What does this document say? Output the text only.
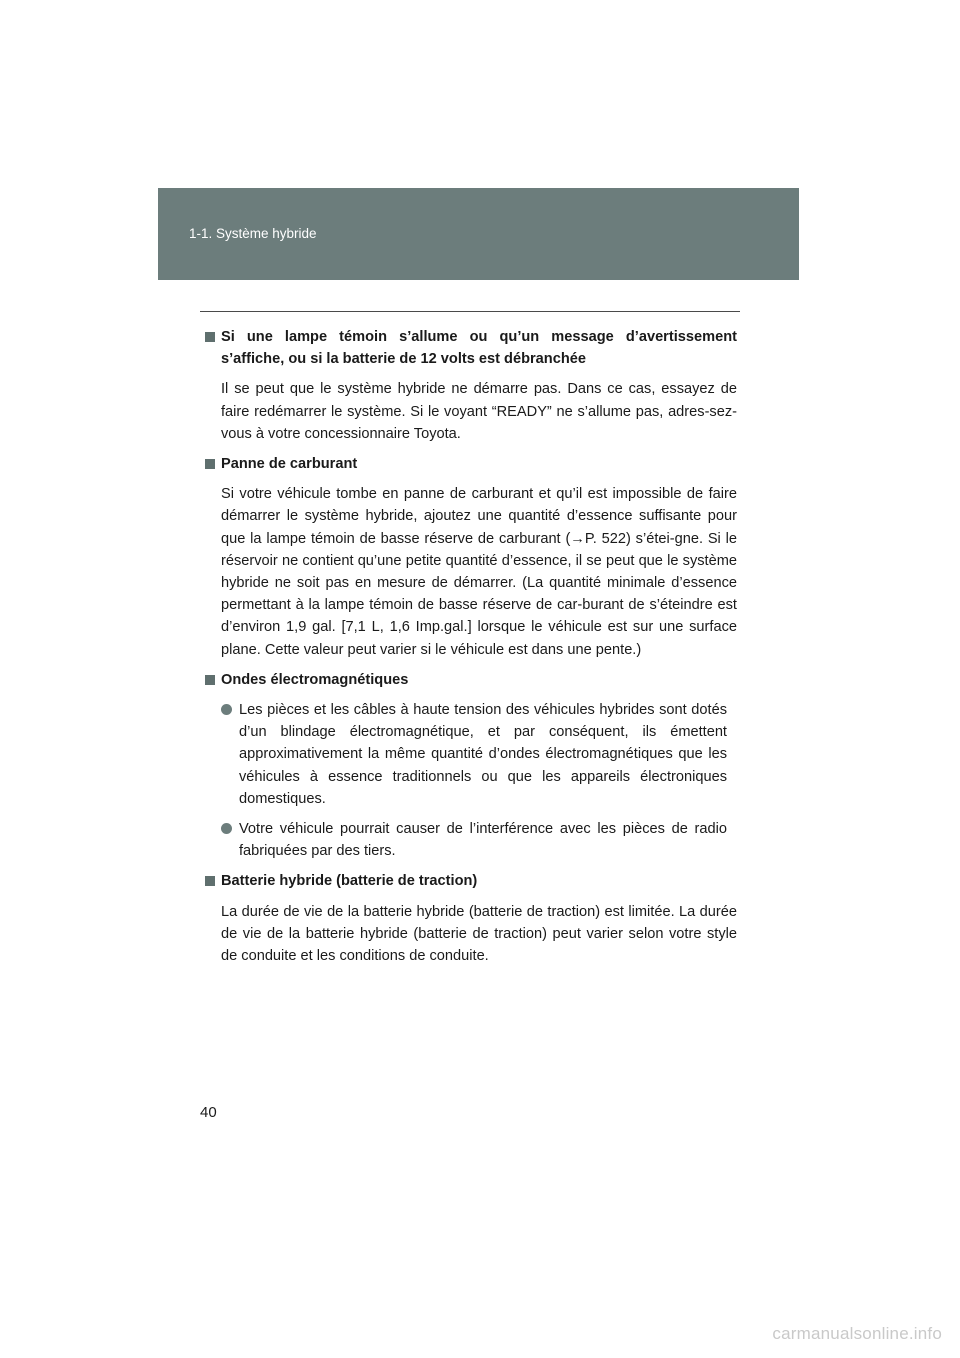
1-1. Système hybride
Si une lampe témoin s’allume ou qu’un message d’avertissement s’affiche, ou si la batterie de 12 volts est débranchée

Il se peut que le système hybride ne démarre pas. Dans ce cas, essayez de faire redémarrer le système. Si le voyant “READY” ne s’allume pas, adres-sez-vous à votre concessionnaire Toyota.

Panne de carburant

Si votre véhicule tombe en panne de carburant et qu’il est impossible de faire démarrer le système hybride, ajoutez une quantité d’essence suffisante pour que la lampe témoin de basse réserve de carburant (→P. 522) s’étei-gne. Si le réservoir ne contient qu’une petite quantité d’essence, il se peut que le système hybride ne soit pas en mesure de démarrer. (La quantité minimale d’essence permettant à la lampe témoin de basse réserve de car-burant de s’éteindre est d’environ 1,9 gal. [7,1 L, 1,6 Imp.gal.] lorsque le véhicule est sur une surface plane. Cette valeur peut varier si le véhicule est dans une pente.)

Ondes électromagnétiques
Les pièces et les câbles à haute tension des véhicules hybrides sont dotés d’un blindage électromagnétique, et par conséquent, ils émettent approximativement la même quantité d’ondes électromagnétiques que les véhicules à essence traditionnels ou que les appareils électroniques domestiques.
Votre véhicule pourrait causer de l’interférence avec les pièces de radio fabriquées par des tiers.
Batterie hybride (batterie de traction)

La durée de vie de la batterie hybride (batterie de traction) est limitée. La durée de vie de la batterie hybride (batterie de traction) peut varier selon votre style de conduite et les conditions de conduite.

40
carmanualsonline.info
